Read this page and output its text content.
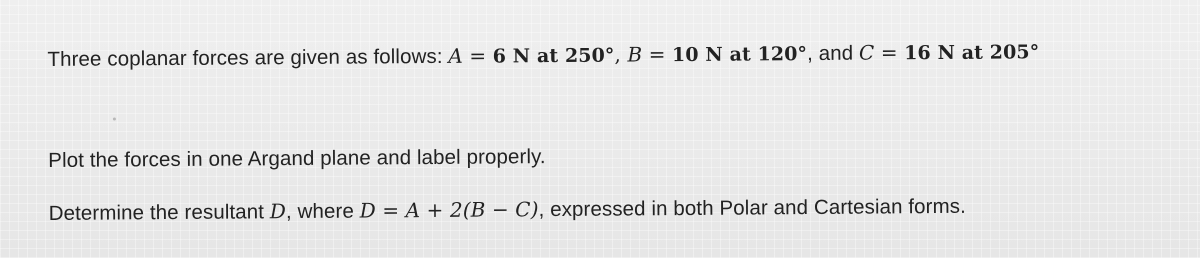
Three coplanar forces are given as follows: A = 6 N at 250°, B = 10 N at 120°, and C = 16 N at 205°
Plot the forces in one Argand plane and label properly.
Determine the resultant D, where D = A + 2(B − C), expressed in both Polar and Cartesian forms.
